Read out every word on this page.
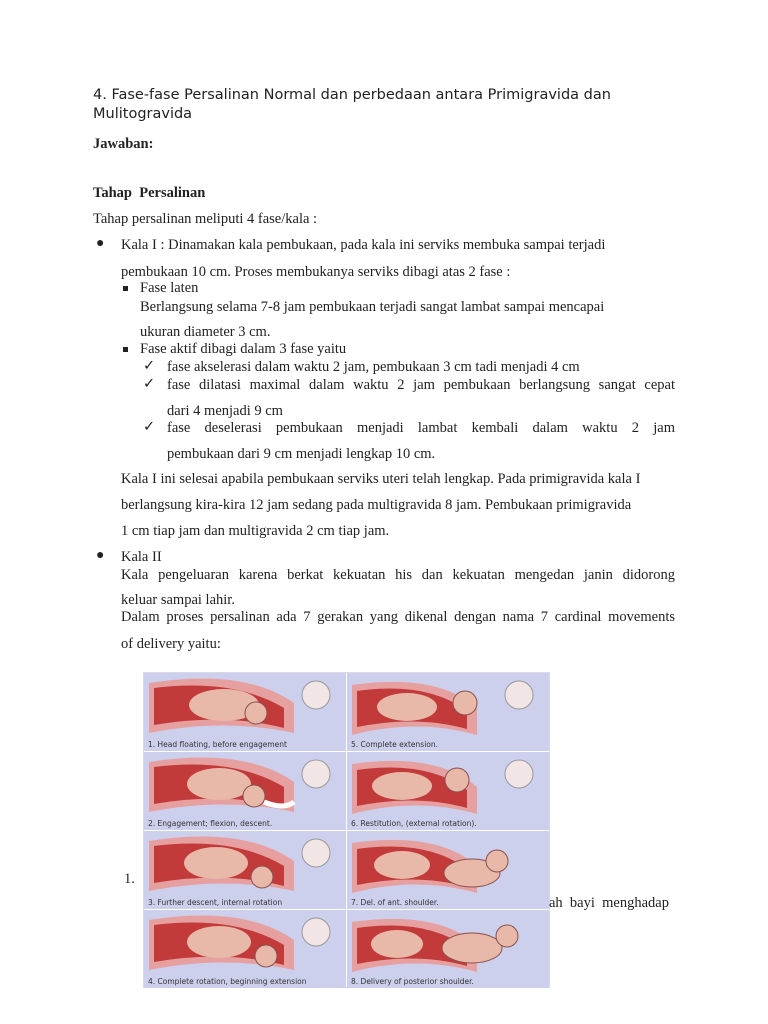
4. Fase-fase Persalinan Normal dan perbedaan antara Primigravida dan Mulitogravida
Jawaban:
Tahap  Persalinan
Tahap persalinan meliputi 4 fase/kala :
● Kala I : Dinamakan kala pembukaan, pada kala ini serviks membuka sampai terjadi
pembukaan 10 cm. Proses membukanya serviks dibagi atas 2 fase :
Fase laten
Berlangsung selama 7-8 jam pembukaan terjadi sangat lambat sampai mencapai
ukuran diameter 3 cm.
Fase aktif dibagi dalam 3 fase yaitu
✓ fase akselerasi dalam waktu 2 jam, pembukaan 3 cm tadi menjadi 4 cm
✓ fase dilatasi maximal dalam waktu 2 jam pembukaan berlangsung sangat cepat
dari 4 menjadi 9 cm
✓ fase deselerasi pembukaan menjadi lambat kembali dalam waktu 2 jam
pembukaan dari 9 cm menjadi lengkap 10 cm.
Kala I ini selesai apabila pembukaan serviks uteri telah lengkap. Pada primigravida kala I
berlangsung kira-kira 12 jam sedang pada multigravida 8 jam. Pembukaan primigravida
1 cm tiap jam dan multigravida 2 cm tiap jam.
● Kala II
Kala pengeluaran karena berkat kekuatan his dan kekuatan mengedan janin didorong
keluar sampai lahir.
Dalam proses persalinan ada 7 gerakan yang dikenal dengan nama 7 cardinal movements
of delivery yaitu:
1.
1. Head floating, before engagement	5. Complete extension.
2. Engagement; flexion, descent.	6. Restitution, (external rotation).
3. Further descent, internal rotation	7. Del. of ant. shoulder.
4. Complete rotation, beginning extension	8. Delivery of posterior shoulder.
ah  bayi  menghadap
